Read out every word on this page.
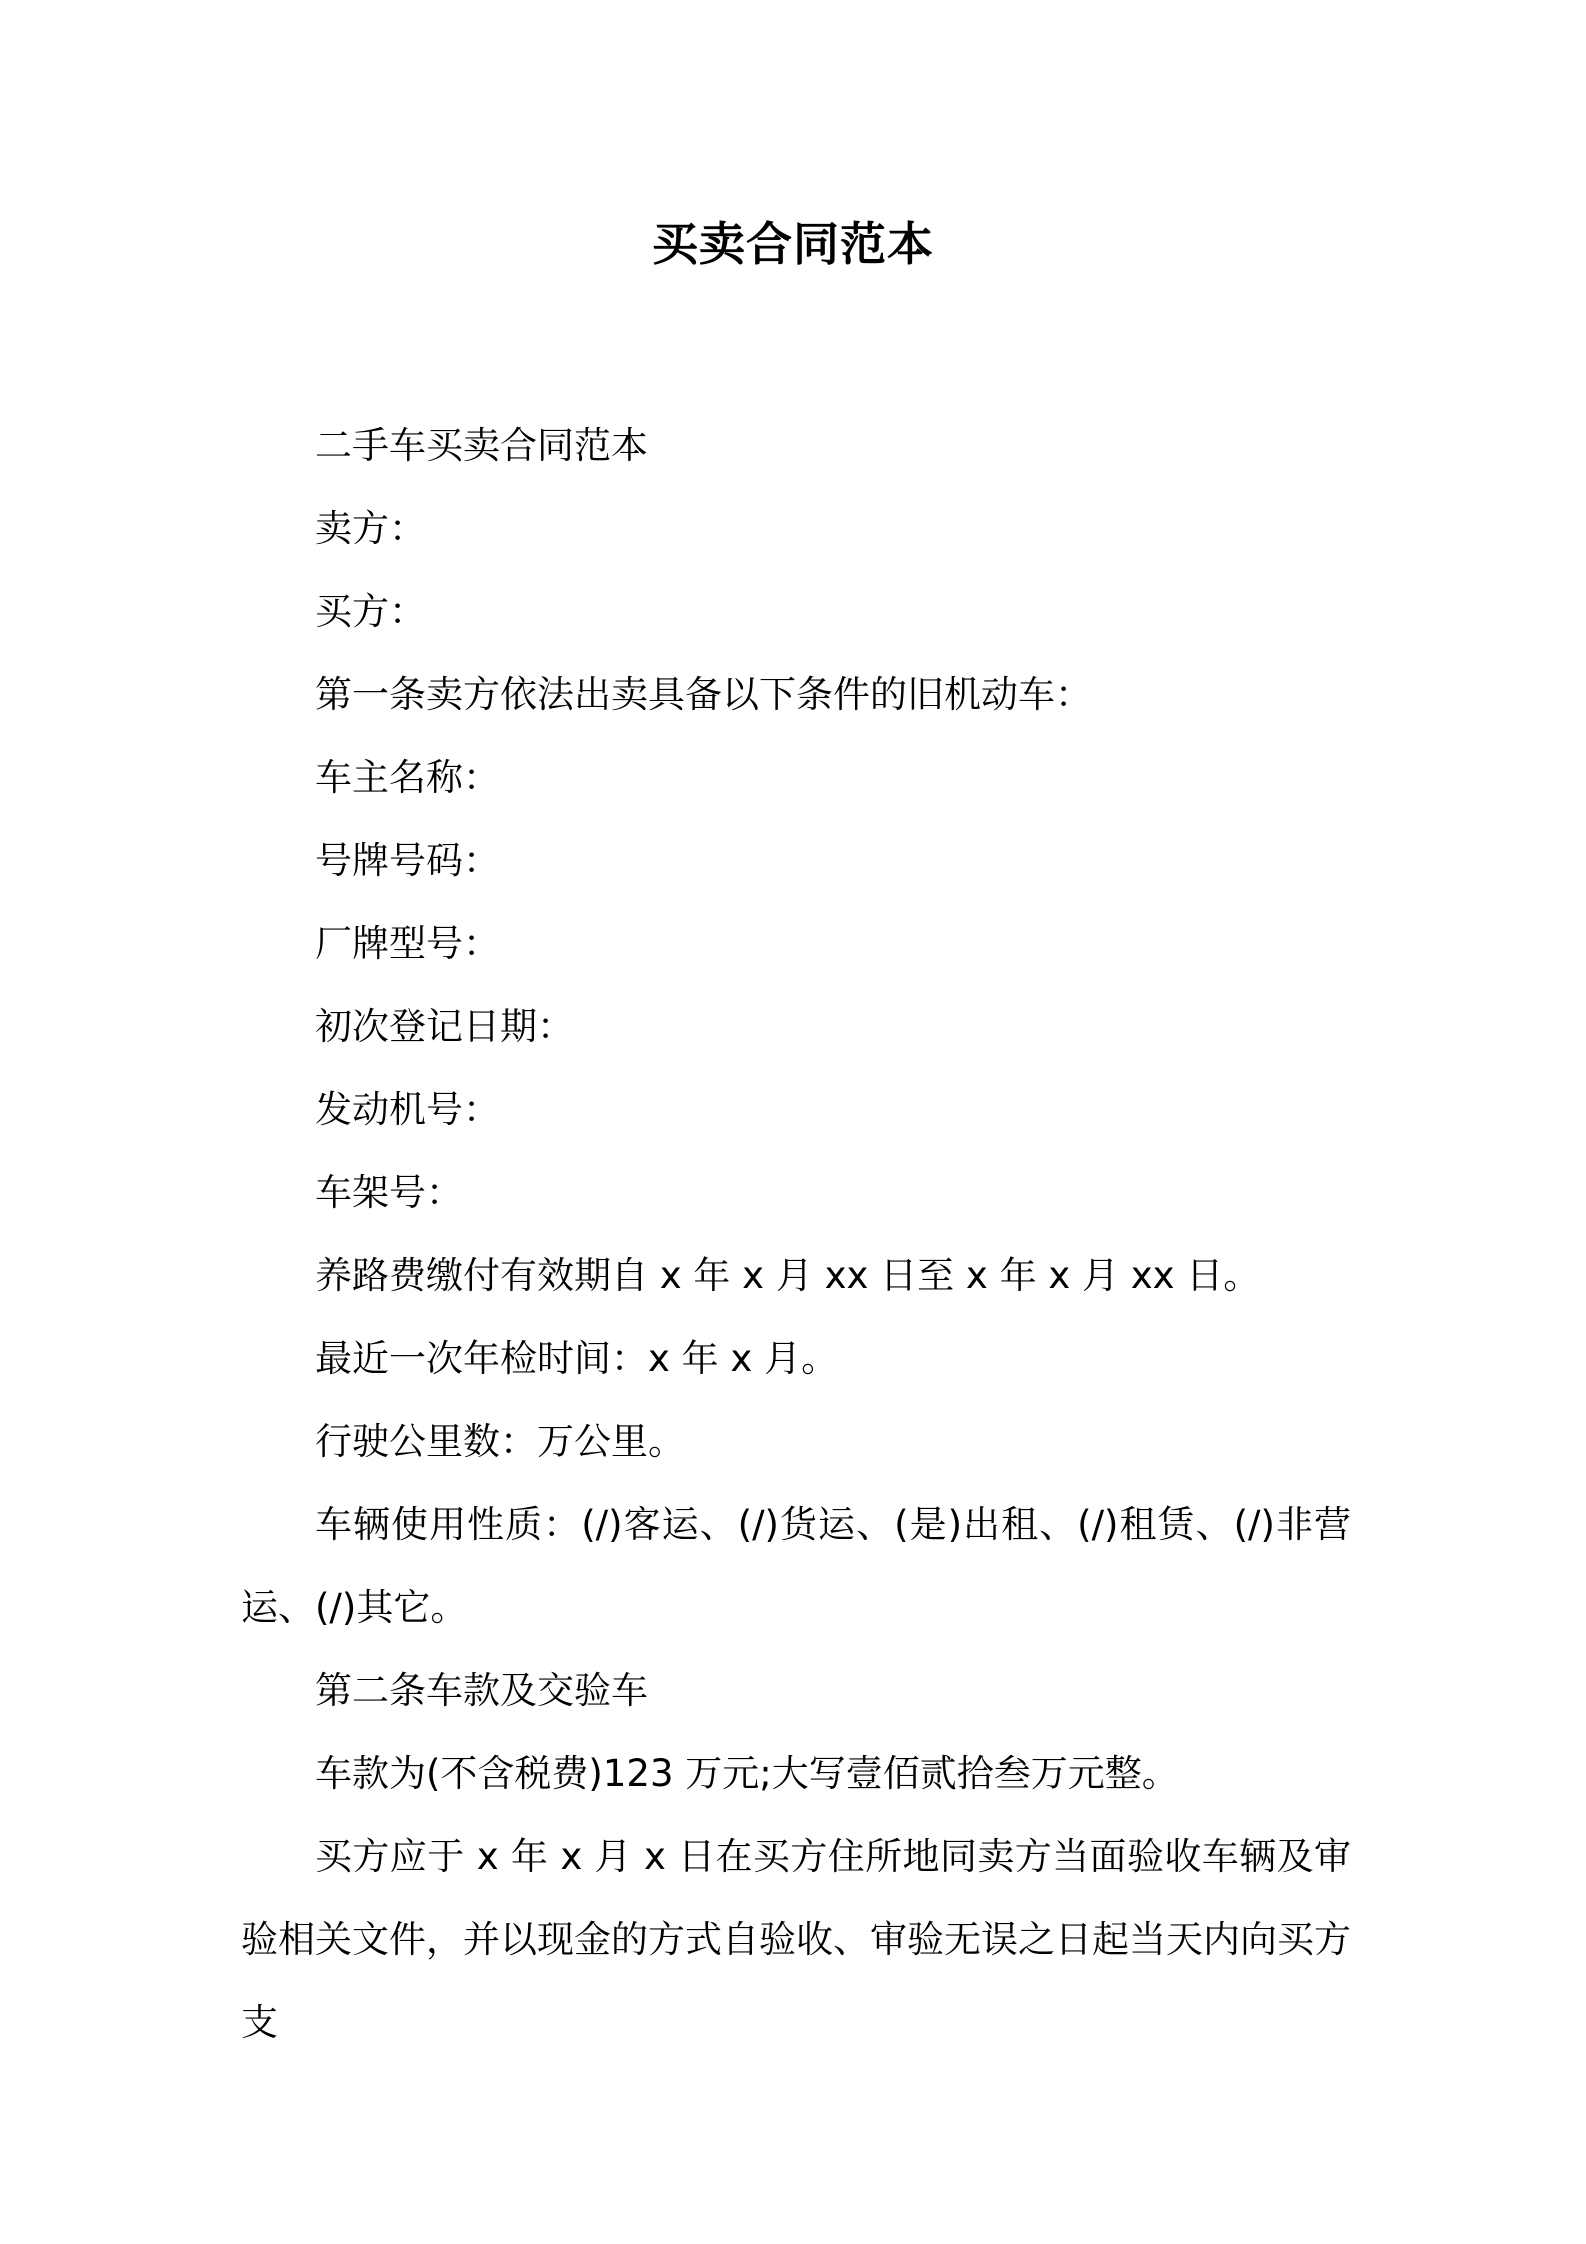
买卖合同范本

二手车买卖合同范本

卖方：

买方：

第一条卖方依法出卖具备以下条件的旧机动车：

车主名称：

号牌号码：

厂牌型号：

初次登记日期：

发动机号：

车架号：

养路费缴付有效期自 x 年 x 月 xx 日至 x 年 x 月 xx 日。

最近一次年检时间：x 年 x 月。

行驶公里数：万公里。

车辆使用性质：(/)客运、(/)货运、(是)出租、(/)租赁、(/)非营运、(/)其它。

第二条车款及交验车

车款为(不含税费)123 万元;大写壹佰贰拾叁万元整。

买方应于 x 年 x 月 x 日在买方住所地同卖方当面验收车辆及审验相关文件，并以现金的方式自验收、审验无误之日起当天内向买方支
